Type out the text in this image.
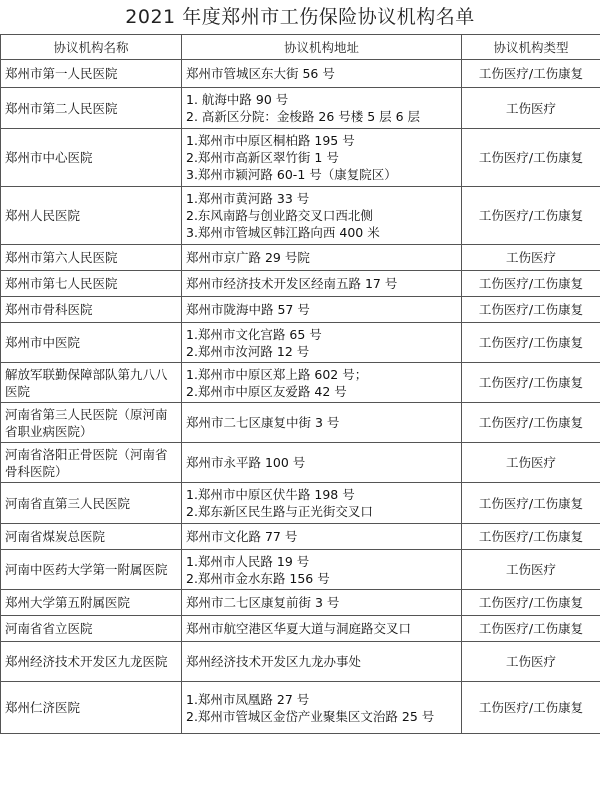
2021 年度郑州市工伤保险协议机构名单
协议机构名称	协议机构地址	协议机构类型
郑州市第一人民医院	郑州市管城区东大街 56 号	工伤医疗/工伤康复
郑州市第二人民医院	1. 航海中路 90 号
2. 高新区分院：金梭路 26 号楼 5 层 6 层	工伤医疗
郑州市中心医院	1.郑州市中原区桐柏路 195 号
2.郑州市高新区翠竹街 1 号
3.郑州市颍河路 60-1 号（康复院区）	工伤医疗/工伤康复
郑州人民医院	1.郑州市黄河路 33 号
2.东风南路与创业路交叉口西北侧
3.郑州市管城区韩江路向西 400 米	工伤医疗/工伤康复
郑州市第六人民医院	郑州市京广路 29 号院	工伤医疗
郑州市第七人民医院	郑州市经济技术开发区经南五路 17 号	工伤医疗/工伤康复
郑州市骨科医院	郑州市陇海中路 57 号	工伤医疗/工伤康复
郑州市中医院	1.郑州市文化宫路 65 号
2.郑州市汝河路 12 号	工伤医疗/工伤康复
解放军联勤保障部队第九八八医院	1.郑州市中原区郑上路 602 号；
2.郑州市中原区友爱路 42 号	工伤医疗/工伤康复
河南省第三人民医院（原河南省职业病医院）	郑州市二七区康复中街 3 号	工伤医疗/工伤康复
河南省洛阳正骨医院（河南省骨科医院）	郑州市永平路 100 号	工伤医疗
河南省直第三人民医院	1.郑州市中原区伏牛路 198 号
2.郑东新区民生路与正光街交叉口	工伤医疗/工伤康复
河南省煤炭总医院	郑州市文化路 77 号	工伤医疗/工伤康复
河南中医药大学第一附属医院	1.郑州市人民路 19 号
2.郑州市金水东路 156 号	工伤医疗
郑州大学第五附属医院	郑州市二七区康复前街 3 号	工伤医疗/工伤康复
河南省省立医院	郑州市航空港区华夏大道与洞庭路交叉口	工伤医疗/工伤康复
郑州经济技术开发区九龙医院	郑州经济技术开发区九龙办事处	工伤医疗
郑州仁济医院	1.郑州市凤凰路 27 号
2.郑州市管城区金岱产业聚集区文治路 25 号	工伤医疗/工伤康复
